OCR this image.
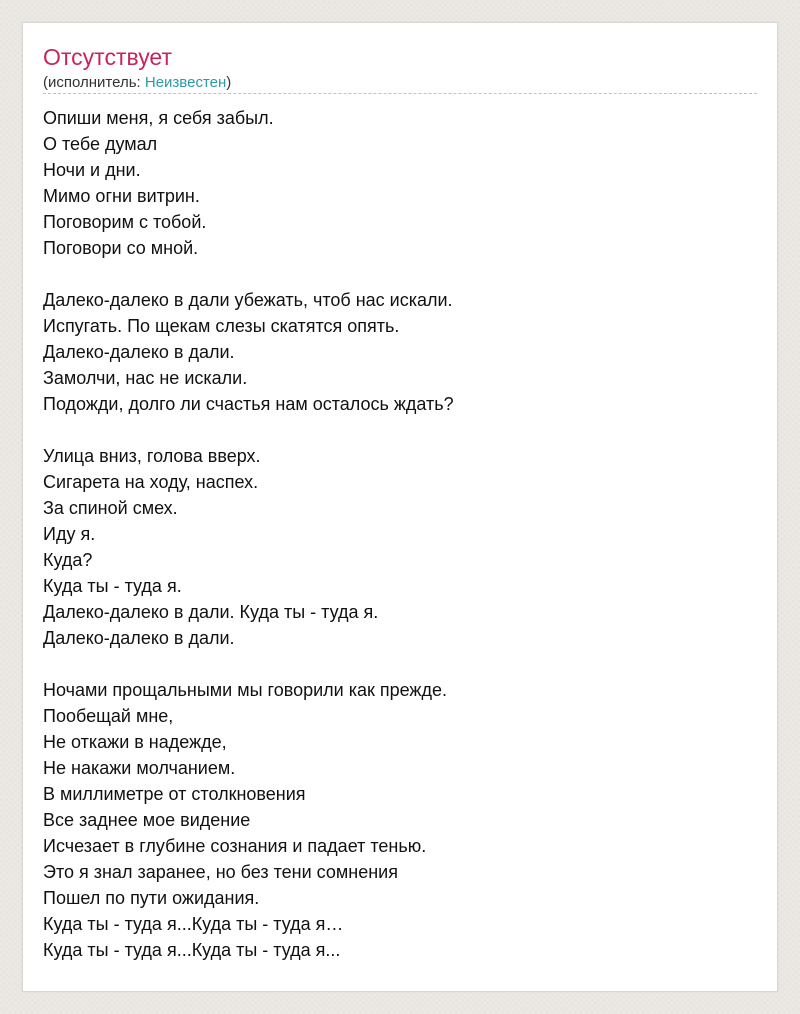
Отсутствует
(исполнитель: Неизвестен)
Опиши меня, я себя забыл.
О тебе думал
Ночи и дни.
Мимо огни витрин.
Поговорим с тобой.
Поговори со мной.
Далеко-далеко в дали убежать, чтоб нас искали.
Испугать. По щекам слезы скатятся опять.
Далеко-далеко в дали.
Замолчи, нас не искали.
Подожди, долго ли счастья нам осталось ждать?
Улица вниз, голова вверх.
Сигарета на ходу, наспех.
За спиной смех.
Иду я.
Куда?
Куда ты - туда я.
Далеко-далеко в дали. Куда ты - туда я.
Далеко-далеко в дали.
Ночами прощальными мы говорили как прежде.
Пообещай мне,
Не откажи в надежде,
Не накажи молчанием.
В миллиметре от столкновения
Все заднее мое видение
Исчезает в глубине сознания и падает тенью.
Это я знал заранее, но без тени сомнения
Пошел по пути ожидания.
Куда ты - туда я...Куда ты - туда я…
Куда ты - туда я...Куда ты - туда я...
